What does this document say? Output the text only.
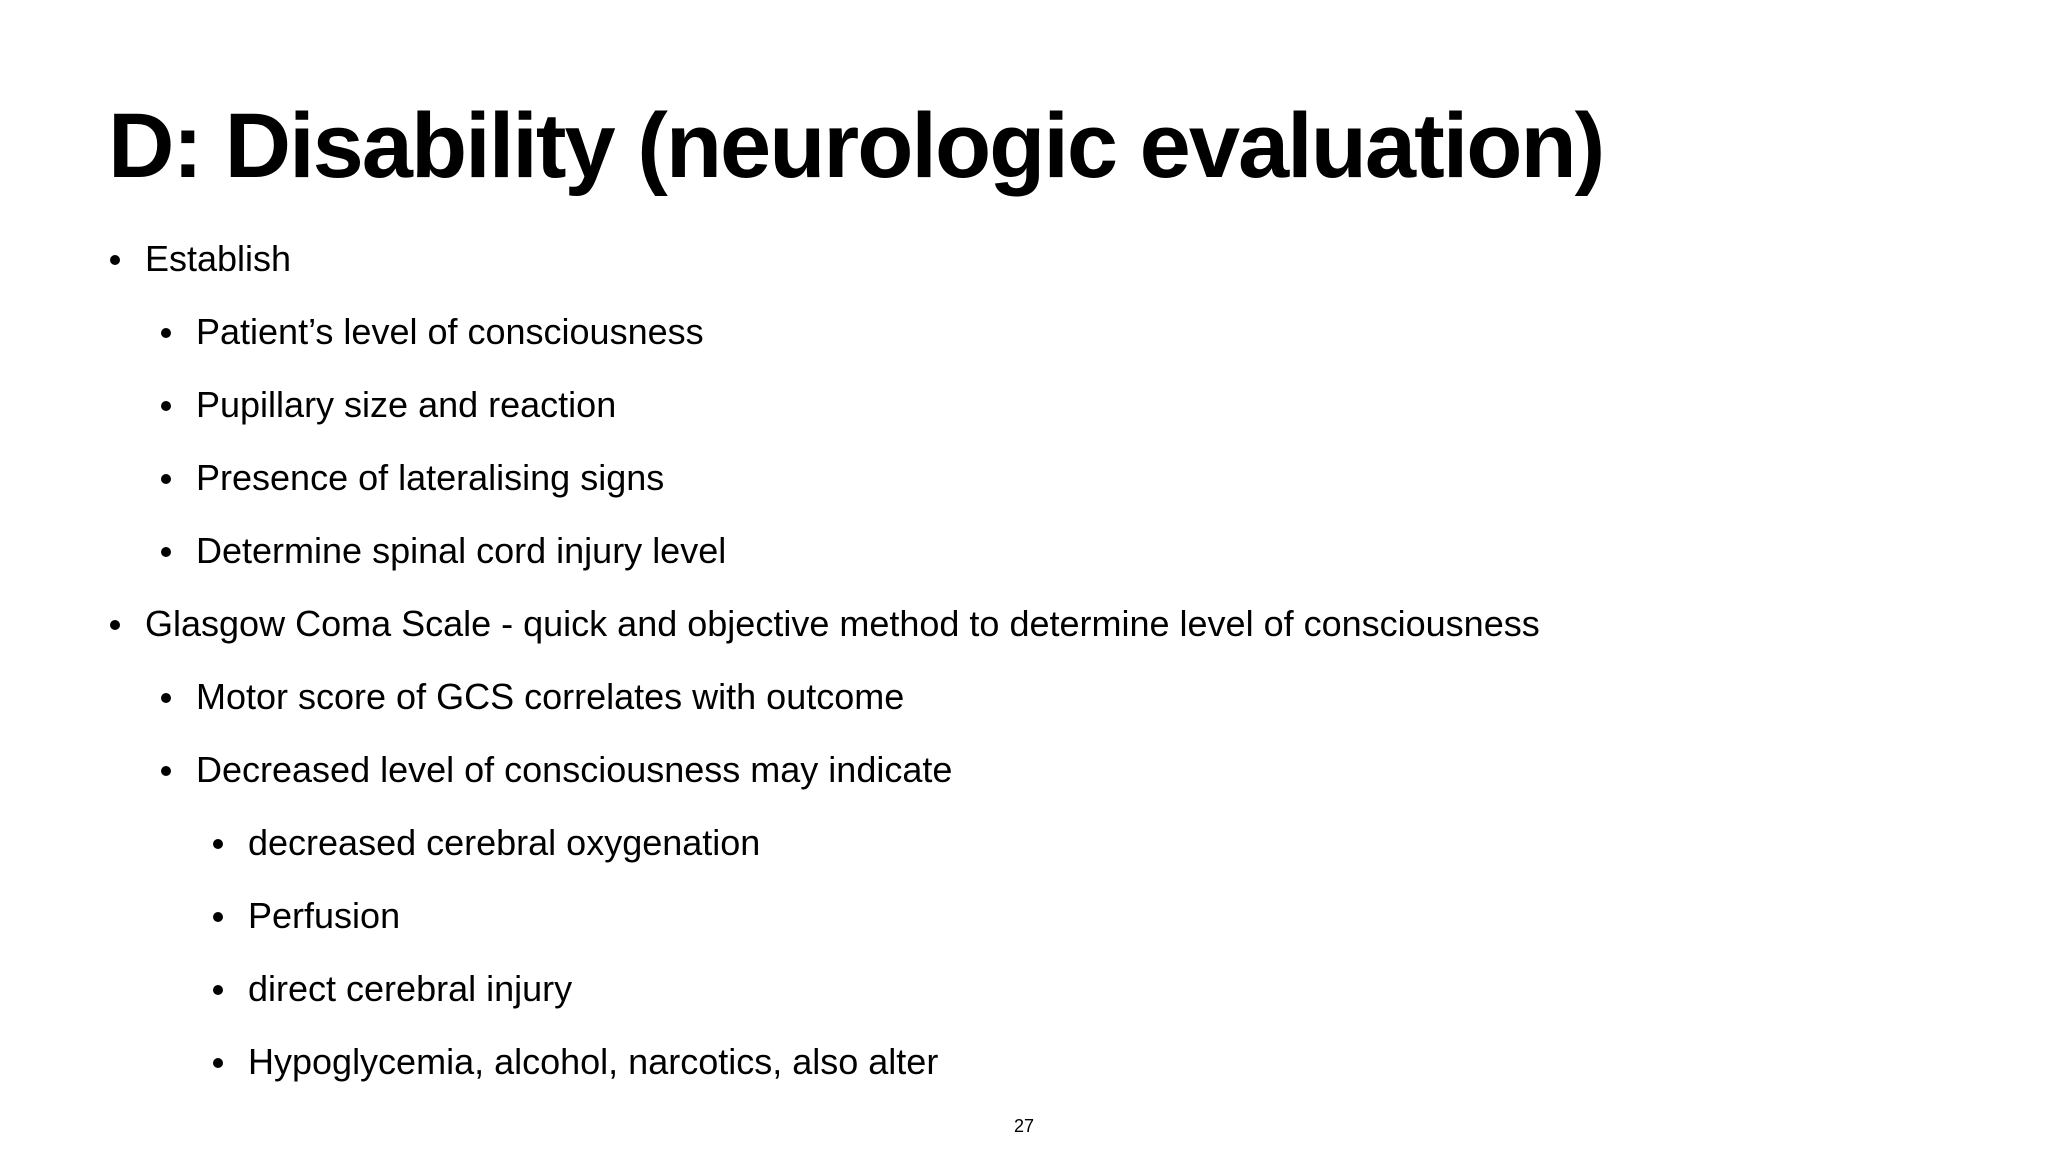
D: Disability (neurologic evaluation)
Establish
Patient’s level of consciousness
Pupillary size and reaction
Presence of lateralising signs
Determine spinal cord injury level
Glasgow Coma Scale - quick and objective method to determine level of consciousness
Motor score of GCS correlates with outcome
Decreased level of consciousness may indicate
decreased cerebral oxygenation
Perfusion
direct cerebral injury
Hypoglycemia, alcohol, narcotics, also alter
27
